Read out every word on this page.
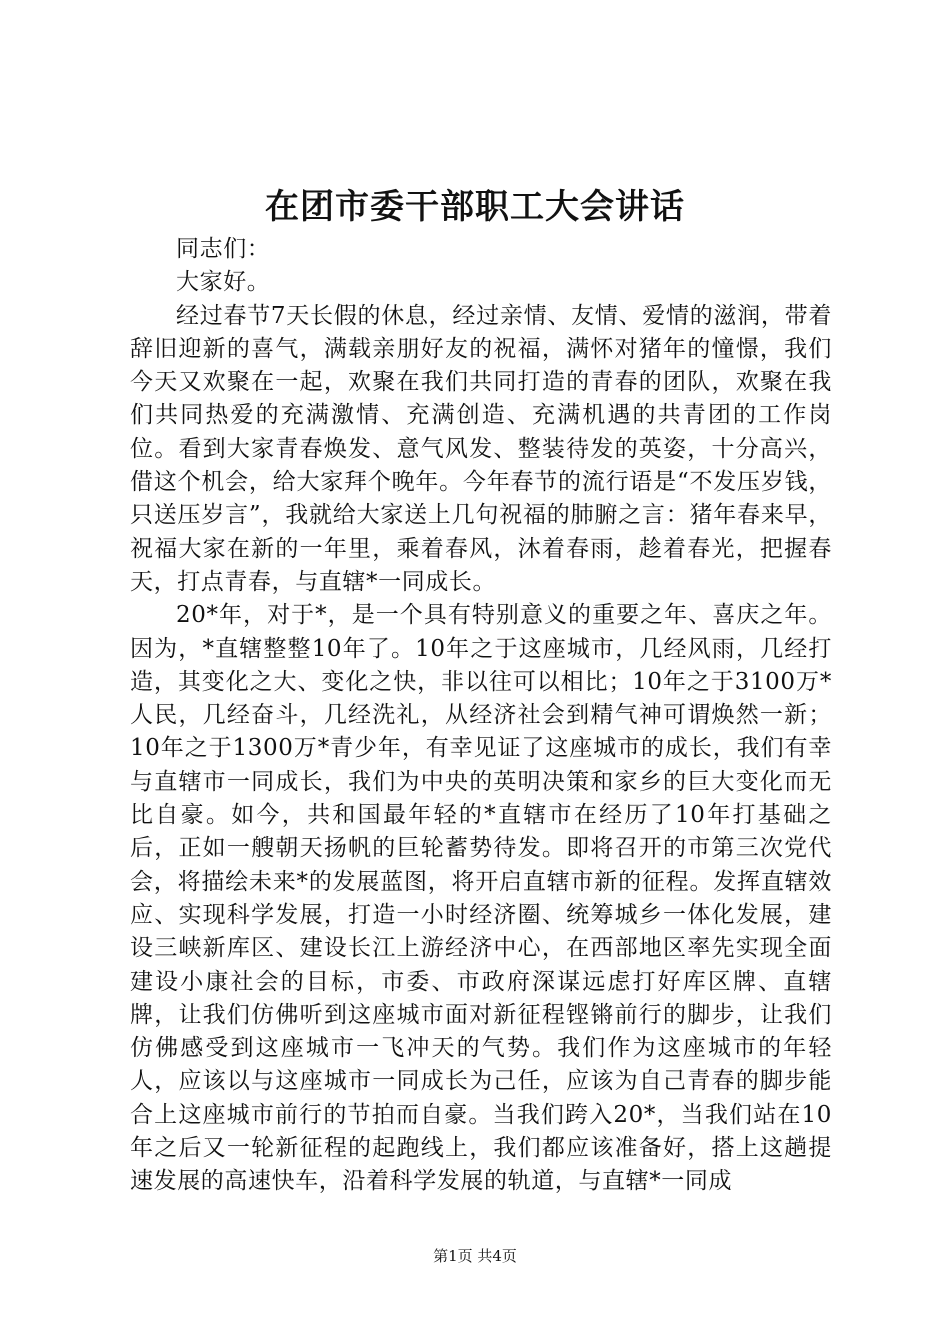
在团市委干部职工大会讲话

同志们：

大家好。

经过春节7天长假的休息，经过亲情、友情、爱情的滋润，带着辞旧迎新的喜气，满载亲朋好友的祝福，满怀对猪年的憧憬，我们今天又欢聚在一起，欢聚在我们共同打造的青春的团队，欢聚在我们共同热爱的充满激情、充满创造、充满机遇的共青团的工作岗位。看到大家青春焕发、意气风发、整装待发的英姿，十分高兴，借这个机会，给大家拜个晚年。今年春节的流行语是“不发压岁钱，只送压岁言”，我就给大家送上几句祝福的肺腑之言：猪年春来早，祝福大家在新的一年里，乘着春风，沐着春雨，趁着春光，把握春天，打点青春，与直辖*一同成长。

20*年，对于*，是一个具有特别意义的重要之年、喜庆之年。因为，*直辖整整10年了。10年之于这座城市，几经风雨，几经打造，其变化之大、变化之快，非以往可以相比；10年之于3100万*人民，几经奋斗，几经洗礼，从经济社会到精气神可谓焕然一新；10年之于1300万*青少年，有幸见证了这座城市的成长，我们有幸与直辖市一同成长，我们为中央的英明决策和家乡的巨大变化而无比自豪。如今，共和国最年轻的*直辖市在经历了10年打基础之后，正如一艘朝天扬帆的巨轮蓄势待发。即将召开的市第三次党代会，将描绘未来*的发展蓝图，将开启直辖市新的征程。发挥直辖效应、实现科学发展，打造一小时经济圈、统筹城乡一体化发展，建设三峡新库区、建设长江上游经济中心，在西部地区率先实现全面建设小康社会的目标，市委、市政府深谋远虑打好库区牌、直辖牌，让我们仿佛听到这座城市面对新征程铿锵前行的脚步，让我们仿佛感受到这座城市一飞冲天的气势。我们作为这座城市的年轻人，应该以与这座城市一同成长为己任，应该为自己青春的脚步能合上这座城市前行的节拍而自豪。当我们跨入20*，当我们站在10年之后又一轮新征程的起跑线上，我们都应该准备好，搭上这趟提速发展的高速快车，沿着科学发展的轨道，与直辖*一同成

第1页 共4页
